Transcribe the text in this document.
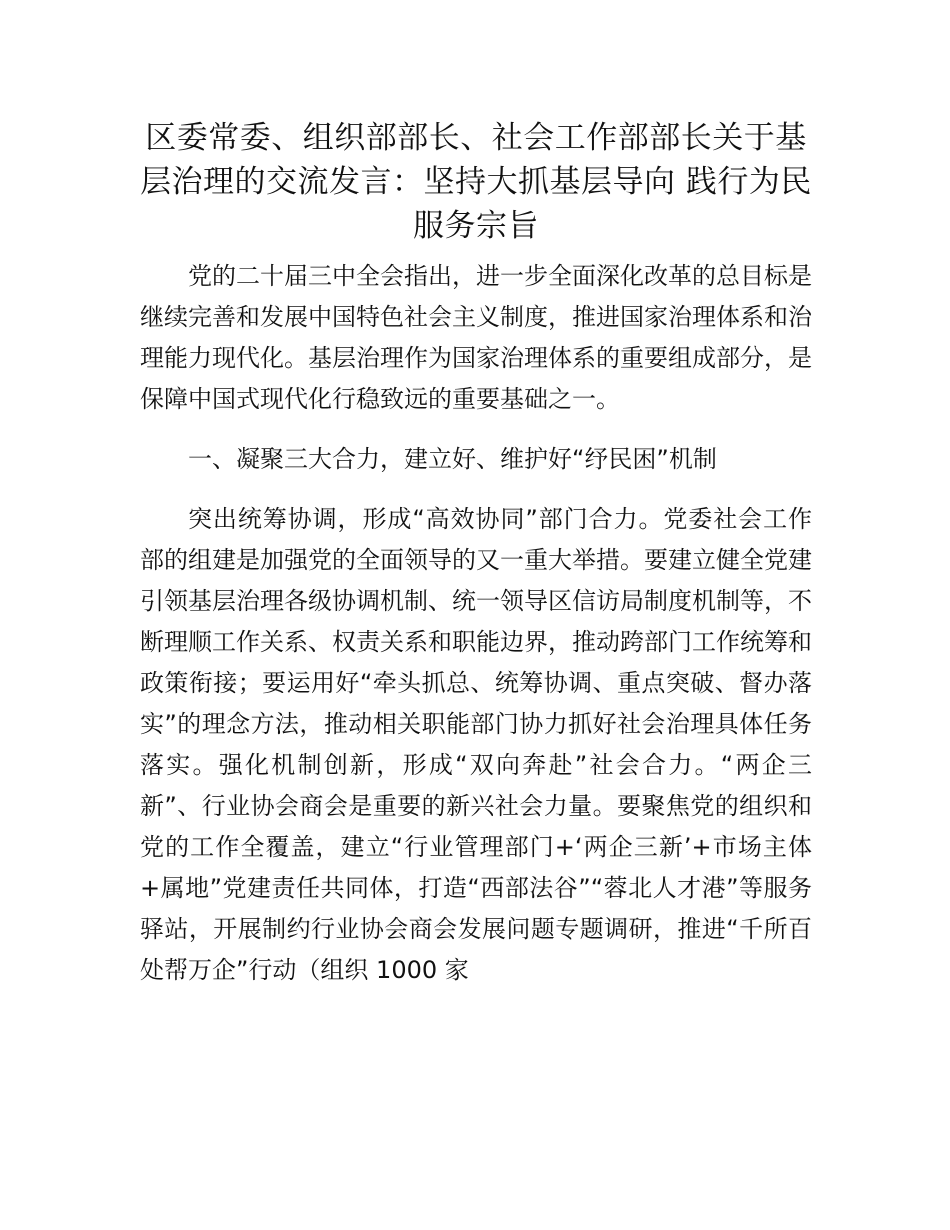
区委常委、组织部部长、社会工作部部长关于基层治理的交流发言：坚持大抓基层导向 践行为民服务宗旨

党的二十届三中全会指出，进一步全面深化改革的总目标是继续完善和发展中国特色社会主义制度，推进国家治理体系和治理能力现代化。基层治理作为国家治理体系的重要组成部分，是保障中国式现代化行稳致远的重要基础之一。

一、凝聚三大合力，建立好、维护好“纾民困”机制

突出统筹协调，形成“高效协同”部门合力。党委社会工作部的组建是加强党的全面领导的又一重大举措。要建立健全党建引领基层治理各级协调机制、统一领导区信访局制度机制等，不断理顺工作关系、权责关系和职能边界，推动跨部门工作统筹和政策衔接；要运用好“牵头抓总、统筹协调、重点突破、督办落实”的理念方法，推动相关职能部门协力抓好社会治理具体任务落实。强化机制创新，形成“双向奔赴”社会合力。“两企三新”、行业协会商会是重要的新兴社会力量。要聚焦党的组织和党的工作全覆盖，建立“行业管理部门+‘两企三新’+市场主体+属地”党建责任共同体，打造“西部法谷”“蓉北人才港”等服务驿站，开展制约行业协会商会发展问题专题调研，推进“千所百处帮万企”行动（组织 1000 家
